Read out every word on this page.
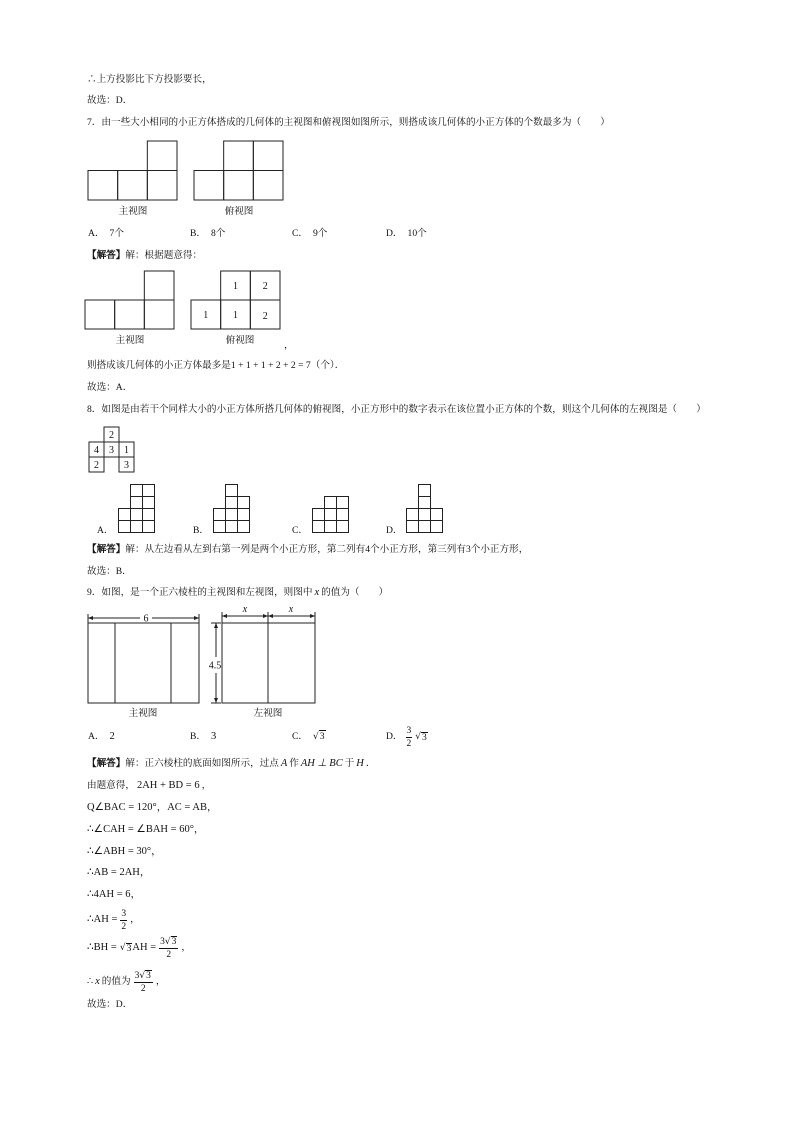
∴上方投影比下方投影要长，
故选：D．
7．由一些大小相同的小正方体搭成的几何体的主视图和俯视图如图所示，则搭成该几何体的小正方体的个数最多为（　　）
主视图	俯视图
A． 7个	B． 8个	C． 9个	D． 10个
【解答】解：根据题意得：
1 2
1 1 2
主视图	俯视图	，
则搭成该几何体的小正方体最多是1 + 1 + 1 + 2 + 2 = 7（个）．
故选：A．
8．如图是由若干个同样大小的小正方体所搭几何体的俯视图，小正方形中的数字表示在该位置小正方体的个数，则这个几何体的左视图是（　　）
2
4 3 1
2	3
A．	B．	C．	D．
【解答】解：从左边看从左到右第一列是两个小正方形，第二列有4个小正方形，第三列有3个小正方形，
故选：B．
9．如图，是一个正六棱柱的主视图和左视图，则图中 x 的值为（　　）
6
x	x
4.5
主视图	左视图
A． 2	B． 3	C． √3	D． $\frac{3}{2}$ √ 3
【解答】解：正六棱柱的底面如图所示，过点 A 作 AH ⊥ BC 于 H ．
由题意得， 2AH + BD = 6 ，
Q∠BAC = 120°，AC = AB，
∴∠CAH = ∠BAH = 60°，
∴∠ABH = 30°，
∴AB = 2AH，
∴4AH = 6，
∴AH = $\frac{3}{2}$ ，
∴BH = √ 3 AH = $\frac{3 √ 3}{2}$ ，
∴ x 的值为 $\frac{3 √ 3}{2}$ ，
故选：D．
